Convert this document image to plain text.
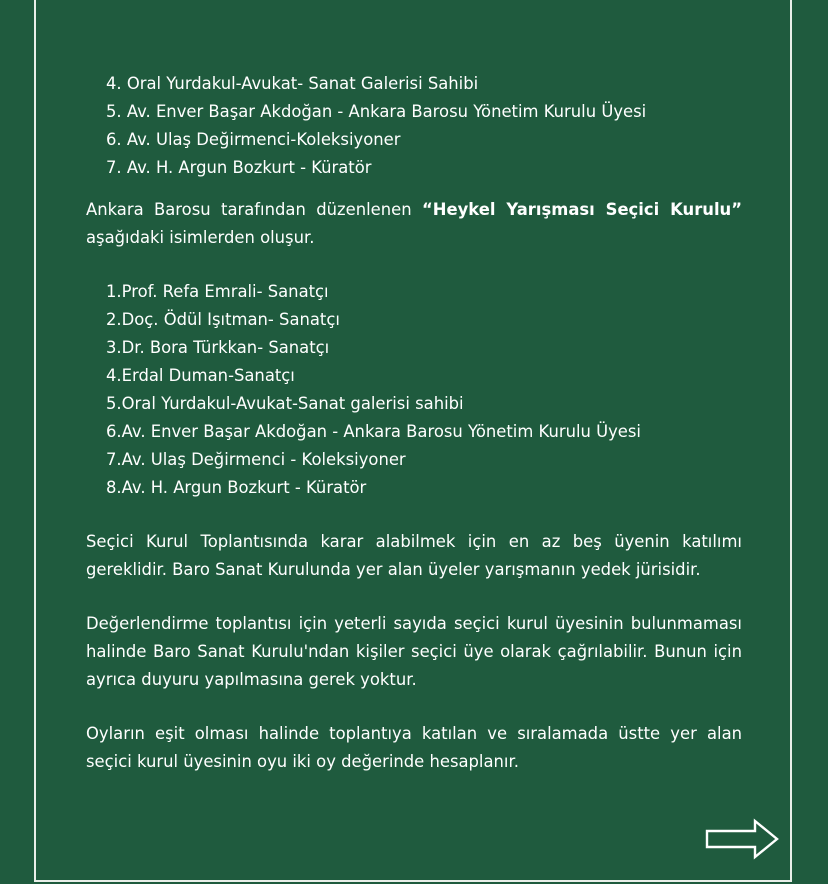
4. Oral Yurdakul-Avukat- Sanat Galerisi Sahibi
5. Av. Enver Başar Akdoğan - Ankara Barosu Yönetim Kurulu Üyesi
6. Av. Ulaş Değirmenci-Koleksiyoner
7. Av. H. Argun Bozkurt - Küratör

Ankara Barosu tarafından düzenlenen “Heykel Yarışması Seçici Kurulu” aşağıdaki isimlerden oluşur.

1.Prof. Refa Emrali- Sanatçı
2.Doç. Ödül Işıtman- Sanatçı
3.Dr. Bora Türkkan- Sanatçı
4.Erdal Duman-Sanatçı
5.Oral Yurdakul-Avukat-Sanat galerisi sahibi
6.Av. Enver Başar Akdoğan - Ankara Barosu Yönetim Kurulu Üyesi
7.Av. Ulaş Değirmenci - Koleksiyoner
8.Av. H. Argun Bozkurt - Küratör

Seçici Kurul Toplantısında karar alabilmek için en az beş üyenin katılımı gereklidir. Baro Sanat Kurulunda yer alan üyeler yarışmanın yedek jürisidir.

Değerlendirme toplantısı için yeterli sayıda seçici kurul üyesinin bulunmaması halinde Baro Sanat Kurulu'ndan kişiler seçici üye olarak çağrılabilir. Bunun için ayrıca duyuru yapılmasına gerek yoktur.

Oyların eşit olması halinde toplantıya katılan ve sıralamada üstte yer alan seçici kurul üyesinin oyu iki oy değerinde hesaplanır.
